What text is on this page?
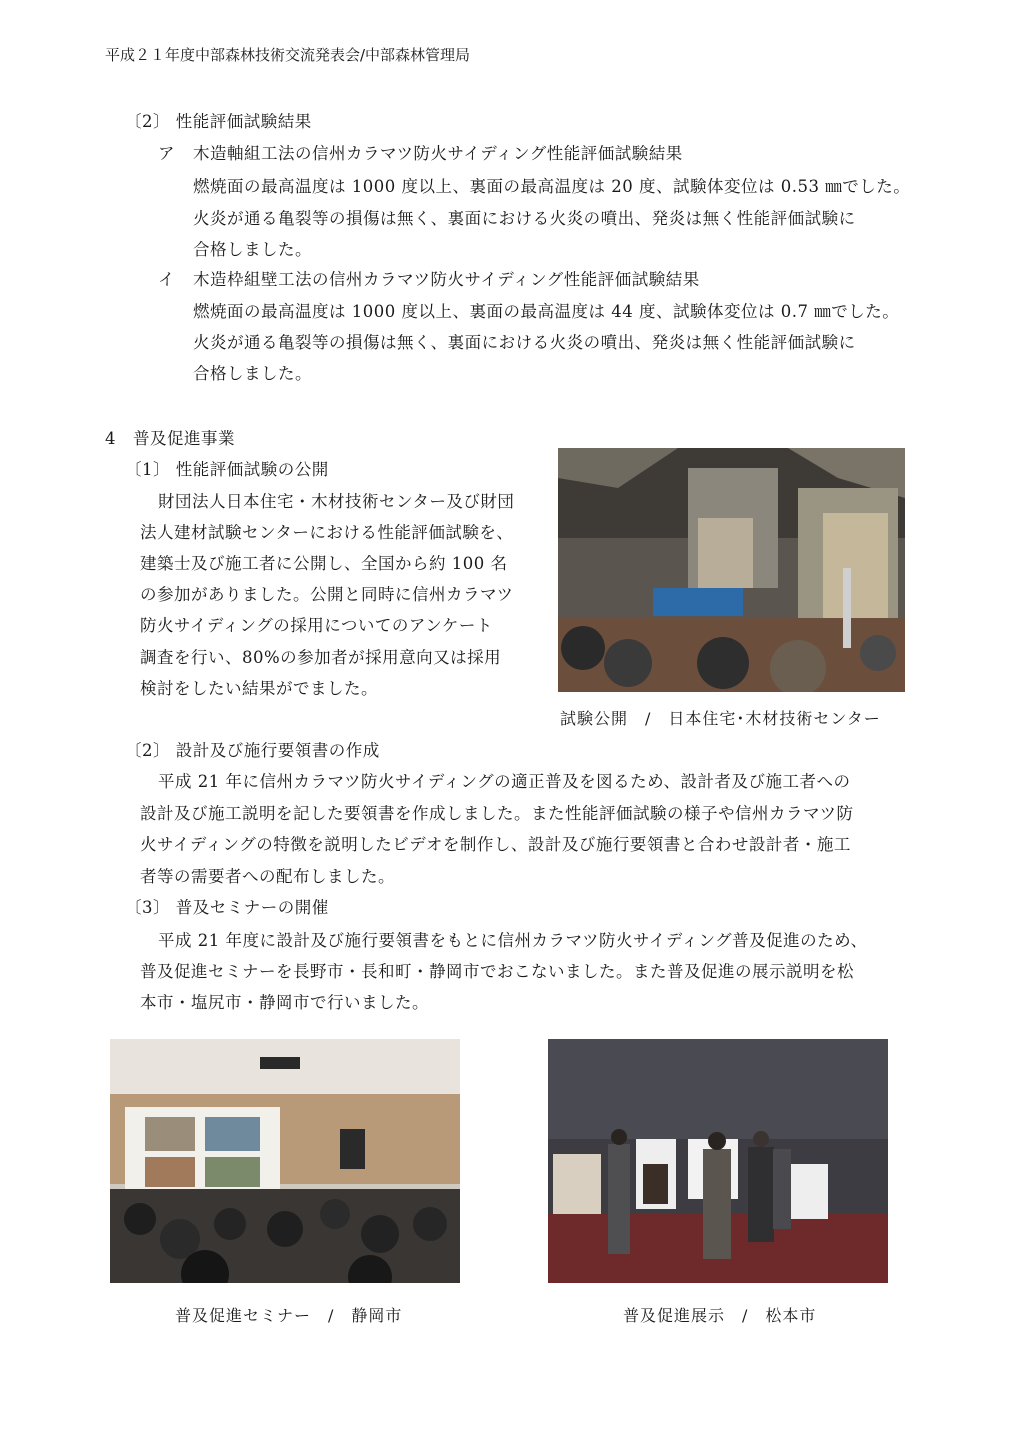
平成２１年度中部森林技術交流発表会/中部森林管理局
〔2〕 性能評価試験結果
ア 木造軸組工法の信州カラマツ防火サイディング性能評価試験結果
燃焼面の最高温度は 1000 度以上、裏面の最高温度は 20 度、試験体変位は 0.53 ㎜でした。
火炎が通る亀裂等の損傷は無く、裏面における火炎の噴出、発炎は無く性能評価試験に
合格しました。
イ 木造枠組壁工法の信州カラマツ防火サイディング性能評価試験結果
燃焼面の最高温度は 1000 度以上、裏面の最高温度は 44 度、試験体変位は 0.7 ㎜でした。
火炎が通る亀裂等の損傷は無く、裏面における火炎の噴出、発炎は無く性能評価試験に
合格しました。
4　普及促進事業
〔1〕 性能評価試験の公開
財団法人日本住宅・木材技術センター及び財団
法人建材試験センターにおける性能評価試験を、
建築士及び施工者に公開し、全国から約 100 名
の参加がありました。公開と同時に信州カラマツ
防火サイディングの採用についてのアンケート
調査を行い、80%の参加者が採用意向又は採用
検討をしたい結果がでました。
試験公開　/　日本住宅･木材技術センター
〔2〕 設計及び施行要領書の作成
平成 21 年に信州カラマツ防火サイディングの適正普及を図るため、設計者及び施工者への
設計及び施工説明を記した要領書を作成しました。また性能評価試験の様子や信州カラマツ防
火サイディングの特徴を説明したビデオを制作し、設計及び施行要領書と合わせ設計者・施工
者等の需要者への配布しました。
〔3〕 普及セミナーの開催
平成 21 年度に設計及び施行要領書をもとに信州カラマツ防火サイディング普及促進のため、
普及促進セミナーを長野市・長和町・静岡市でおこないました。また普及促進の展示説明を松
本市・塩尻市・静岡市で行いました。
普及促進セミナー　/　静岡市	普及促進展示　/　松本市
